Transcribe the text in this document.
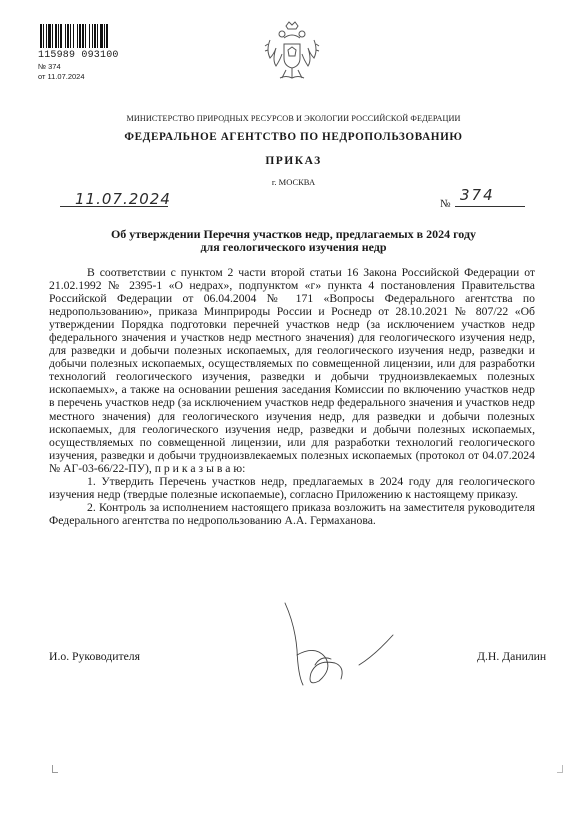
115989 093100
№ 374
от 11.07.2024
МИНИСТЕРСТВО ПРИРОДНЫХ РЕСУРСОВ И ЭКОЛОГИИ РОССИЙСКОЙ ФЕДЕРАЦИИ
ФЕДЕРАЛЬНОЕ АГЕНТСТВО ПО НЕДРОПОЛЬЗОВАНИЮ
ПРИКАЗ
г. МОСКВА
11.07.2024	№ 374
Об утверждении Перечня участков недр, предлагаемых в 2024 году
для геологического изучения недр

В соответствии с пунктом 2 части второй статьи 16 Закона Российской Федерации от 21.02.1992 № 2395-1 «О недрах», подпунктом «г» пункта 4 постановления Правительства Российской Федерации от 06.04.2004 № 171 «Вопросы Федерального агентства по недропользованию», приказа Минприроды России и Роснедр от 28.10.2021 № 807/22 «Об утверждении Порядка подготовки перечней участков недр (за исключением участков недр федерального значения и участков недр местного значения) для геологического изучения недр, для разведки и добычи полезных ископаемых, для геологического изучения недр, разведки и добычи полезных ископаемых, осуществляемых по совмещенной лицензии, или для разработки технологий геологического изучения, разведки и добычи трудноизвлекаемых полезных ископаемых», а также на основании решения заседания Комиссии по включению участков недр в перечень участков недр (за исключением участков недр федерального значения и участков недр местного значения) для геологического изучения недр, для разведки и добычи полезных ископаемых, для геологического изучения недр, разведки и добычи полезных ископаемых, осуществляемых по совмещенной лицензии, или для разработки технологий геологического изучения, разведки и добычи трудноизвлекаемых полезных ископаемых (протокол от 04.07.2024 № АГ-03-66/22-ПУ), п р и к а з ы в а ю:

1. Утвердить Перечень участков недр, предлагаемых в 2024 году для геологического изучения недр (твердые полезные ископаемые), согласно Приложению к настоящему приказу.

2. Контроль за исполнением настоящего приказа возложить на заместителя руководителя Федерального агентства по недропользованию А.А. Гермаханова.

И.о. Руководителя	Д.Н. Данилин
